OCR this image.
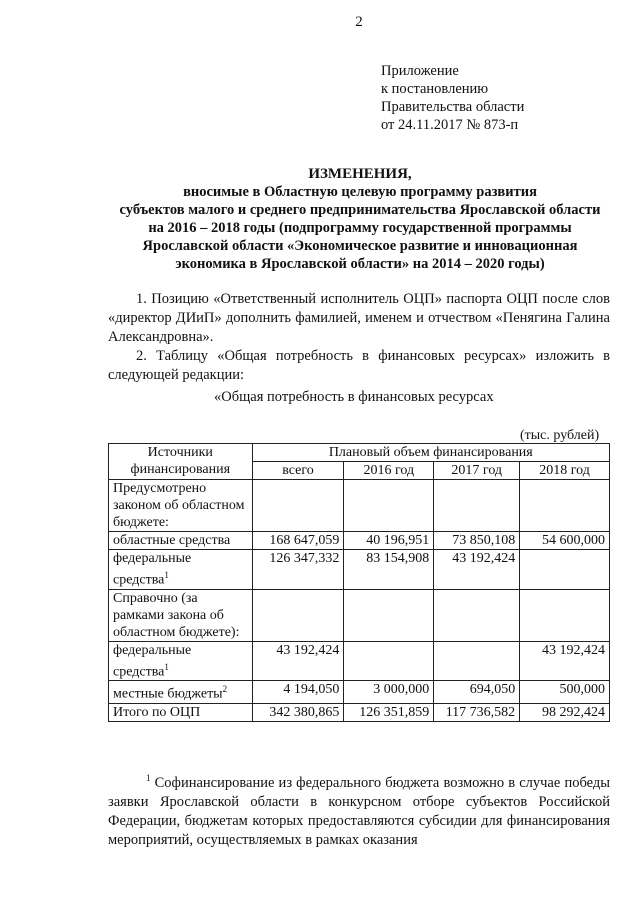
2
Приложение
к постановлению
Правительства области
от 24.11.2017 № 873-п
ИЗМЕНЕНИЯ,
вносимые в Областную целевую программу развития
субъектов малого и среднего предпринимательства Ярославской области
на 2016 – 2018 годы (подпрограмму государственной программы
Ярославской области «Экономическое развитие и инновационная
экономика в Ярославской области» на 2014 – 2020 годы)
1. Позицию «Ответственный исполнитель ОЦП» паспорта ОЦП после слов «директор ДИиП» дополнить фамилией, именем и отчеством «Пенягина Галина Александровна».
2. Таблицу «Общая потребность в финансовых ресурсах» изложить в следующей редакции:
«Общая потребность в финансовых ресурсах
(тыс. рублей)
Источники финансирования	Плановый объем финансирования			
	всего	2016 год	2017 год	2018 год
Предусмотрено законом об областном бюджете:				
областные средства	168 647,059	40 196,951	73 850,108	54 600,000
федеральные средства$^1$	126 347,332	83 154,908	43 192,424	
Справочно (за рамками закона об областном бюджете):				
федеральные средства$^1$	43 192,424			43 192,424
местные бюджеты$^2$	4 194,050	3 000,000	694,050	500,000
Итого по ОЦП	342 380,865	126 351,859	117 736,582	98 292,424
$^1$ Софинансирование из федерального бюджета возможно в случае победы заявки Ярославской области в конкурсном отборе субъектов Российской Федерации, бюджетам которых предоставляются субсидии для финансирования мероприятий, осуществляемых в рамках оказания
